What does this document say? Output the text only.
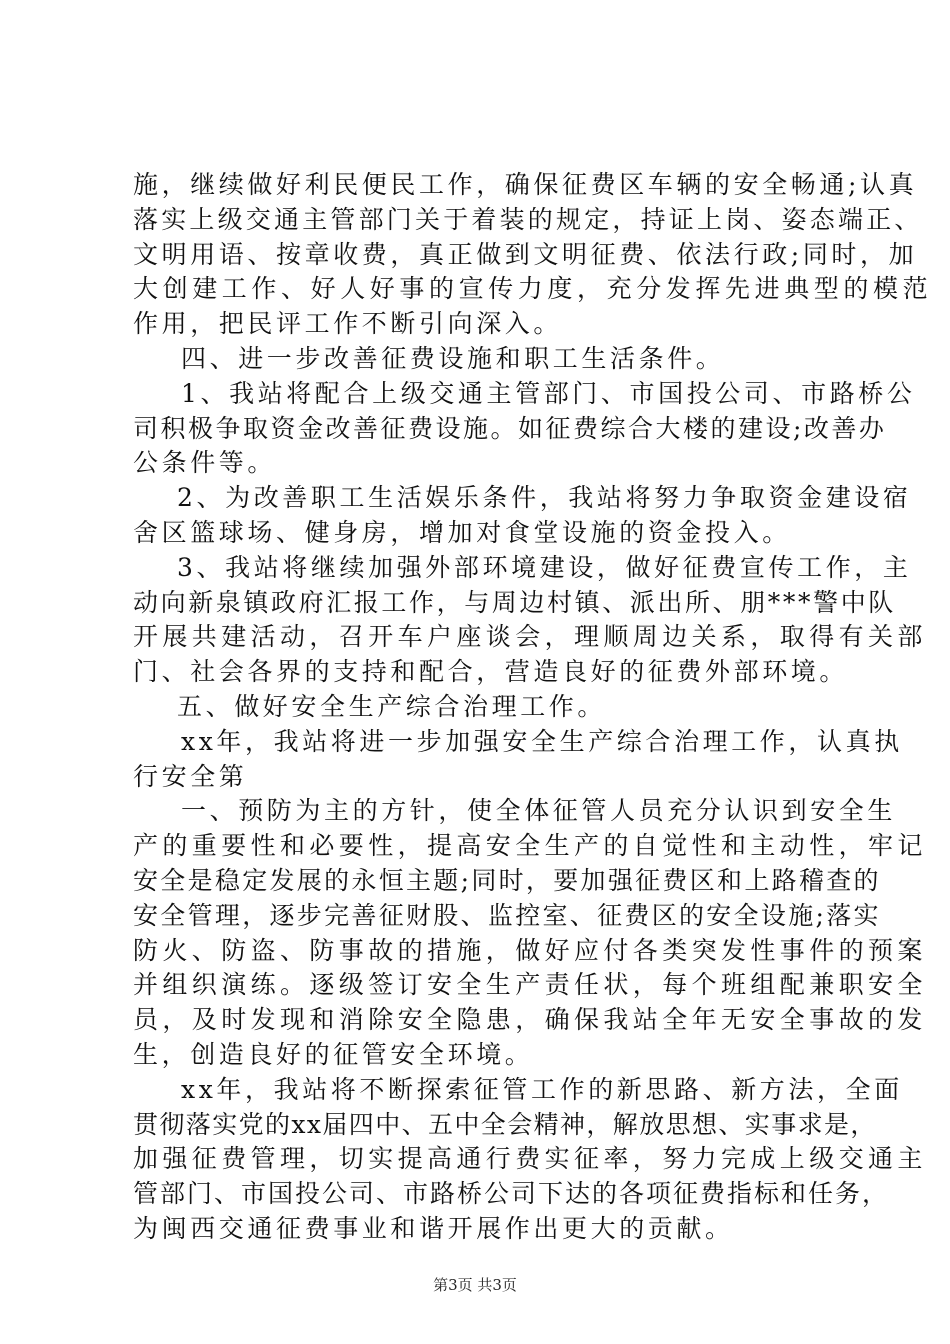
施，继续做好利民便民工作，确保征费区车辆的安全畅通;认真
落实上级交通主管部门关于着装的规定，持证上岗、姿态端正、
文明用语、按章收费，真正做到文明征费、依法行政;同时，加
大创建工作、好人好事的宣传力度，充分发挥先进典型的模范
作用，把民评工作不断引向深入。
四、进一步改善征费设施和职工生活条件。
1、我站将配合上级交通主管部门、市国投公司、市路桥公
司积极争取资金改善征费设施。如征费综合大楼的建设;改善办
公条件等。
2、为改善职工生活娱乐条件，我站将努力争取资金建设宿
舍区篮球场、健身房，增加对食堂设施的资金投入。
3、我站将继续加强外部环境建设，做好征费宣传工作，主
动向新泉镇政府汇报工作，与周边村镇、派出所、朋***警中队
开展共建活动，召开车户座谈会，理顺周边关系，取得有关部
门、社会各界的支持和配合，营造良好的征费外部环境。
五、做好安全生产综合治理工作。
xx年，我站将进一步加强安全生产综合治理工作，认真执
行安全第
一、预防为主的方针，使全体征管人员充分认识到安全生
产的重要性和必要性，提高安全生产的自觉性和主动性，牢记
安全是稳定发展的永恒主题;同时，要加强征费区和上路稽查的
安全管理，逐步完善征财股、监控室、征费区的安全设施;落实
防火、防盗、防事故的措施，做好应付各类突发性事件的预案
并组织演练。逐级签订安全生产责任状，每个班组配兼职安全
员，及时发现和消除安全隐患，确保我站全年无安全事故的发
生，创造良好的征管安全环境。
xx年，我站将不断探索征管工作的新思路、新方法，全面
贯彻落实党的xx届四中、五中全会精神，解放思想、实事求是，
加强征费管理，切实提高通行费实征率，努力完成上级交通主
管部门、市国投公司、市路桥公司下达的各项征费指标和任务，
为闽西交通征费事业和谐开展作出更大的贡献。
第3页 共3页
